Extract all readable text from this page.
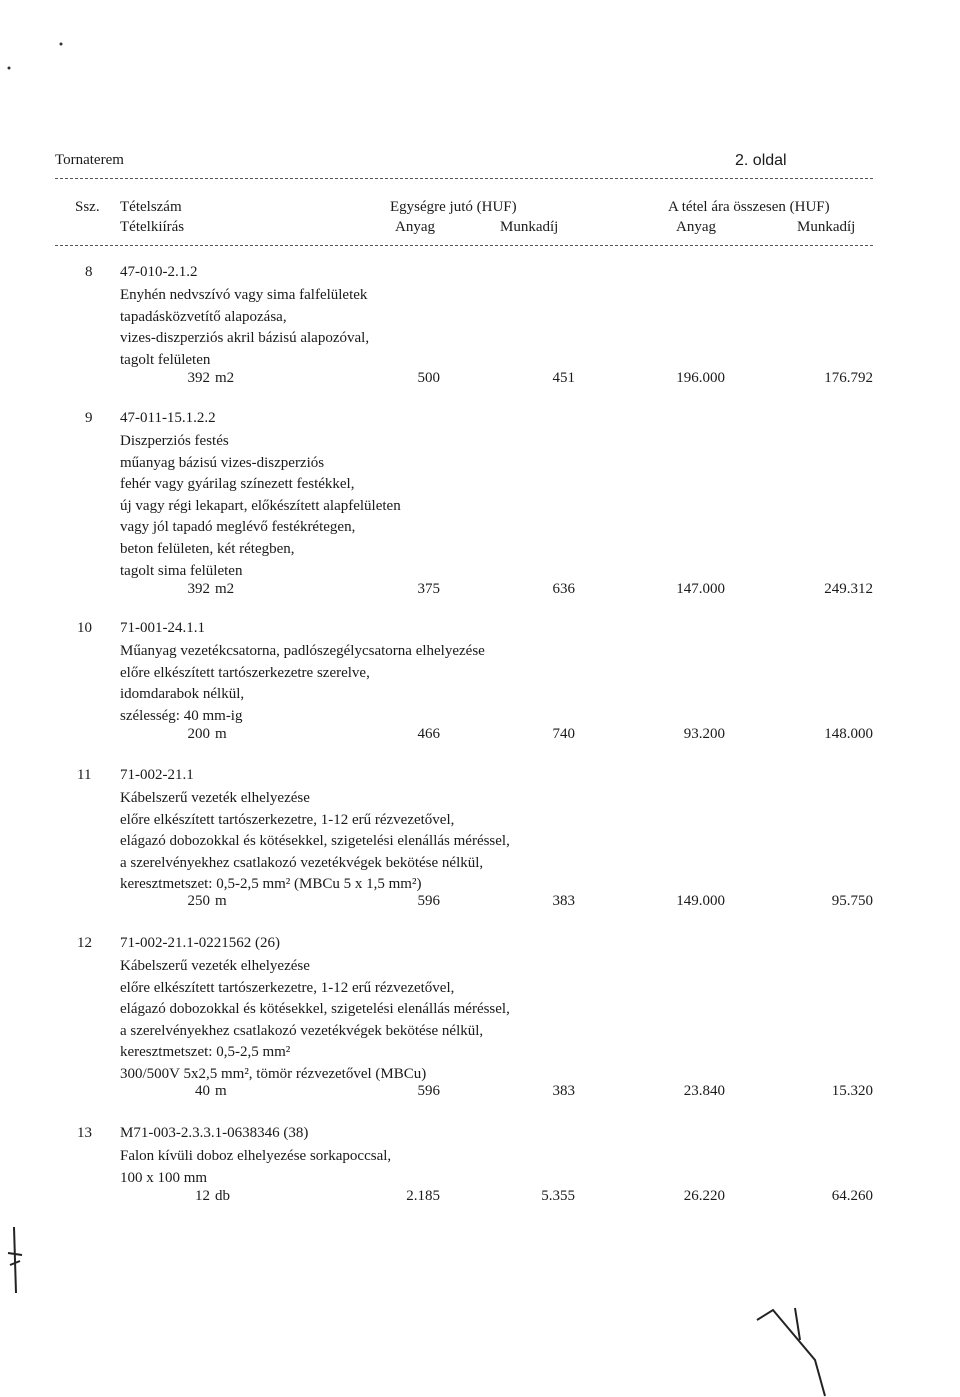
Tornaterem	2. oldal
Ssz. Tételszám
Tételkiírás
Egységre jutó (HUF)	A tétel ára összesen (HUF)
Anyag	Munkadíj	Anyag	Munkadíj
8 47-010-2.1.2
Enyhén nedvszívó vagy sima falfelületek
tapadásközvetítő alapozása,
vizes-diszperziós akril bázisú alapozóval,
tagolt felületen
392 m2	500	451	196.000	176.792
9 47-011-15.1.2.2
Diszperziós festés
műanyag bázisú vizes-diszperziós
fehér vagy gyárilag színezett festékkel,
új vagy régi lekapart, előkészített alapfelületen
vagy jól tapadó meglévő festékrétegen,
beton felületen, két rétegben,
tagolt sima felületen
392 m2	375	636	147.000	249.312
10 71-001-24.1.1
Műanyag vezetékcsatorna, padlószegélycsatorna elhelyezése
előre elkészített tartószerkezetre szerelve,
idomdarabok nélkül,
szélesség: 40 mm-ig
200 m	466	740	93.200	148.000
11 71-002-21.1
Kábelszerű vezeték elhelyezése
előre elkészített tartószerkezetre, 1-12 erű rézvezetővel,
elágazó dobozokkal és kötésekkel, szigetelési elenállás méréssel,
a szerelvényekhez csatlakozó vezetékvégek bekötése nélkül,
keresztmetszet: 0,5-2,5 mm² (MBCu 5 x 1,5 mm²)
250 m	596	383	149.000	95.750
12 71-002-21.1-0221562 (26)
Kábelszerű vezeték elhelyezése
előre elkészített tartószerkezetre, 1-12 erű rézvezetővel,
elágazó dobozokkal és kötésekkel, szigetelési elenállás méréssel,
a szerelvényekhez csatlakozó vezetékvégek bekötése nélkül,
keresztmetszet: 0,5-2,5 mm²
300/500V 5x2,5 mm², tömör rézvezetővel (MBCu)
40 m	596	383	23.840	15.320
13 M71-003-2.3.3.1-0638346 (38)
Falon kívüli doboz elhelyezése sorkapoccsal,
100 x 100 mm
12 db	2.185	5.355	26.220	64.260
